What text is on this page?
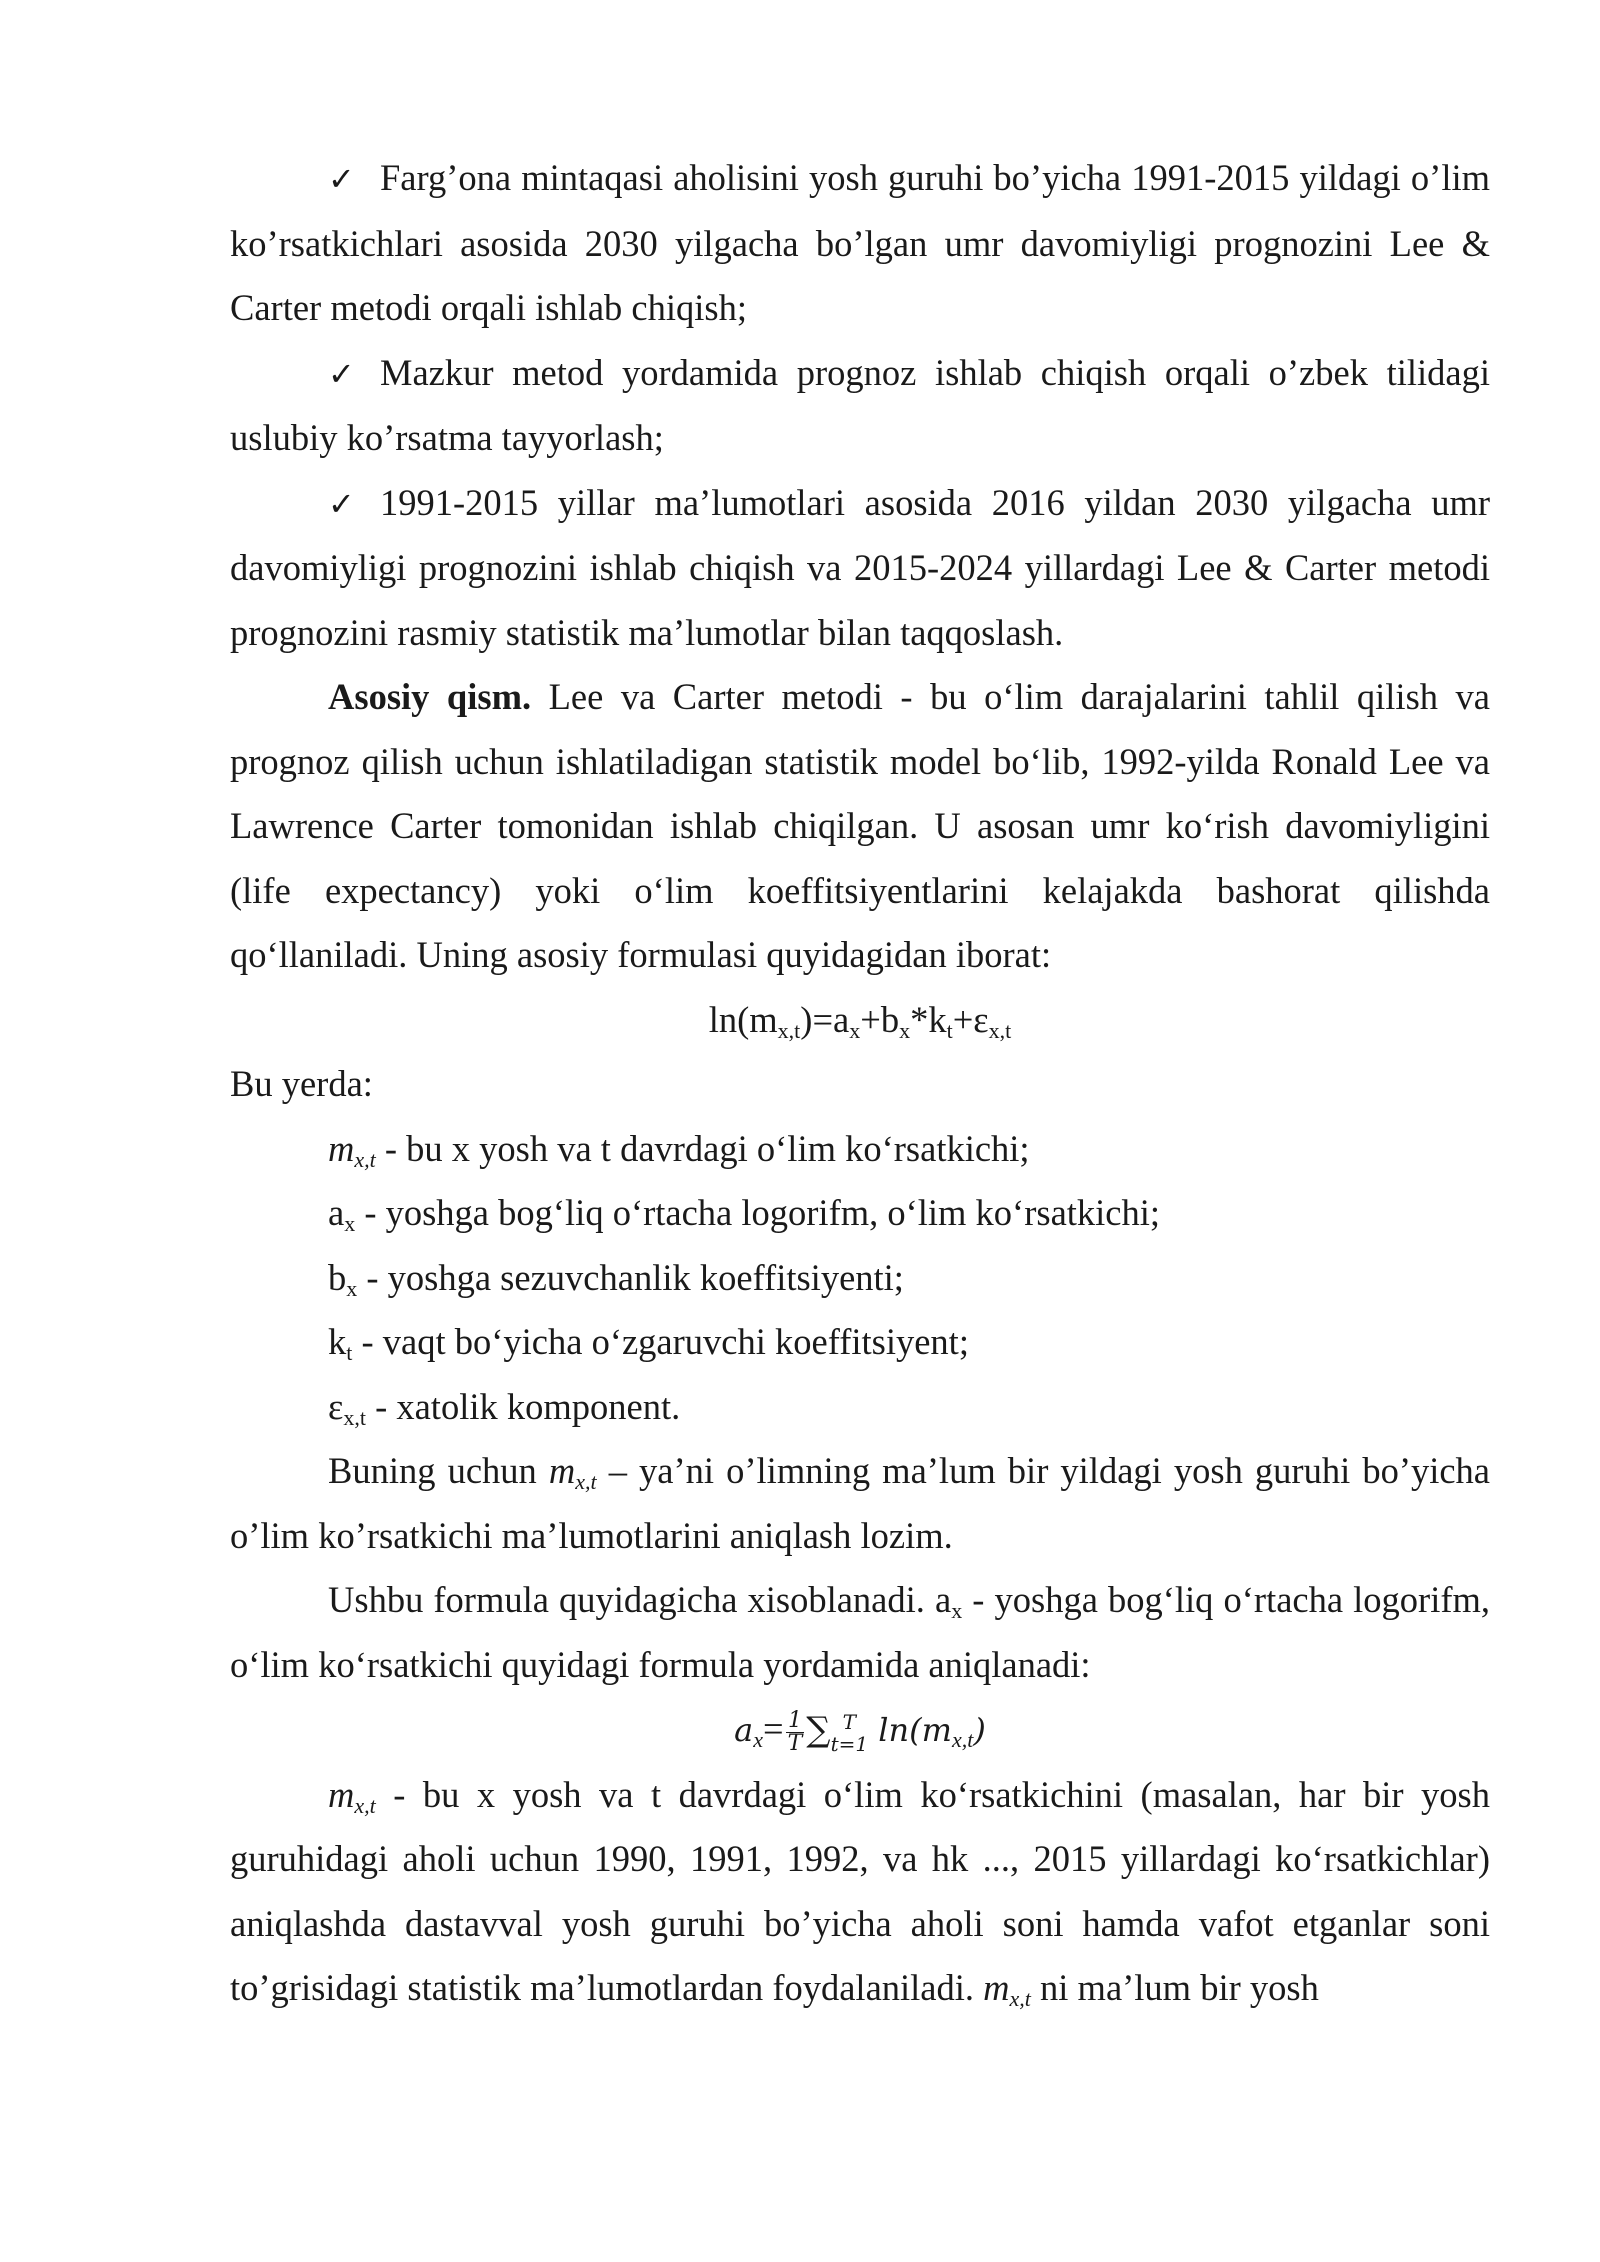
✓ Farg’ona mintaqasi aholisini yosh guruhi bo’yicha 1991-2015 yildagi o’lim ko’rsatkichlari asosida 2030 yilgacha bo’lgan umr davomiyligi prognozini Lee & Carter metodi orqali ishlab chiqish;

✓ Mazkur metod yordamida prognoz ishlab chiqish orqali o’zbek tilidagi uslubiy ko’rsatma tayyorlash;

✓ 1991-2015 yillar ma’lumotlari asosida 2016 yildan 2030 yilgacha umr davomiyligi prognozini ishlab chiqish va 2015-2024 yillardagi Lee & Carter metodi prognozini rasmiy statistik ma’lumotlar bilan taqqoslash.

Asosiy qism. Lee va Carter metodi - bu o‘lim darajalarini tahlil qilish va prognoz qilish uchun ishlatiladigan statistik model bo‘lib, 1992-yilda Ronald Lee va Lawrence Carter tomonidan ishlab chiqilgan. U asosan umr ko‘rish davomiyligini (life expectancy) yoki o‘lim koeffitsiyentlarini kelajakda bashorat qilishda qo‘llaniladi. Uning asosiy formulasi quyidagidan iborat:

$\ln(m_{x,t})=a_x+b_x*k_t+\varepsilon_{x,t}$

Bu yerda:

$m_{x,t}$ - bu x yosh va t davrdagi o‘lim ko‘rsatkichi;

$a_x$ - yoshga bog‘liq o‘rtacha logorifm, o‘lim ko‘rsatkichi;

$b_x$ - yoshga sezuvchanlik koeffitsiyenti;

$k_t$ - vaqt bo‘yicha o‘zgaruvchi koeffitsiyent;

$\varepsilon_{x,t}$ - xatolik komponent.

Buning uchun $m_{x,t}$ – ya’ni o’limning ma’lum bir yildagi yosh guruhi bo’yicha o’lim ko’rsatkichi ma’lumotlarini aniqlash lozim.

Ushbu formula quyidagicha xisoblanadi. $a_x$ - yoshga bog‘liq o‘rtacha logorifm, o‘lim ko‘rsatkichi quyidagi formula yordamida aniqlanadi:

$a_x= \frac{1}{T}$ ∑ T
t=1 $\ln(m_{x,t})$

$m_{x,t}$ - bu x yosh va t davrdagi o‘lim ko‘rsatkichini (masalan, har bir yosh guruhidagi aholi uchun 1990, 1991, 1992, va hk ..., 2015 yillardagi ko‘rsatkichlar) aniqlashda dastavval yosh guruhi bo’yicha aholi soni hamda vafot etganlar soni to’grisidagi statistik ma’lumotlardan foydalaniladi. $m_{x,t}$ ni ma’lum bir yosh
